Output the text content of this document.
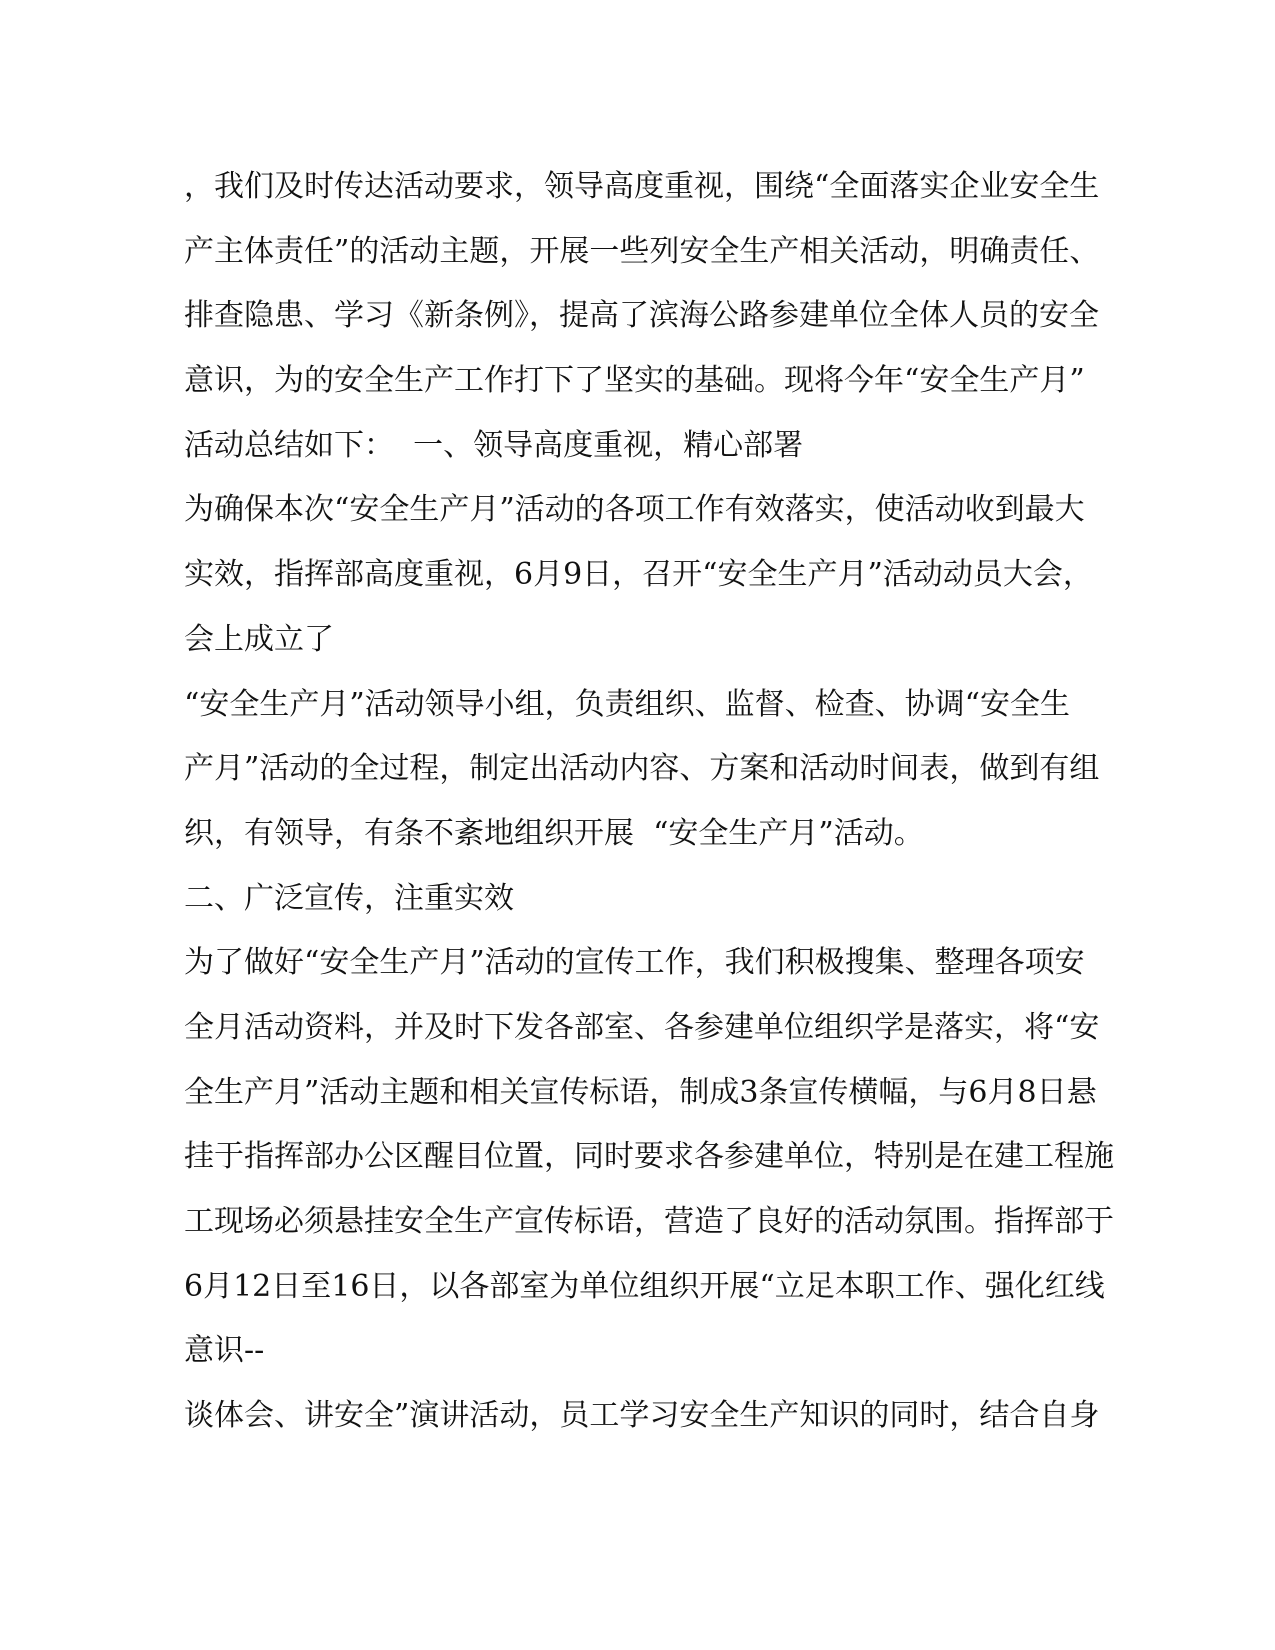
，我们及时传达活动要求，领导高度重视，围绕“全面落实企业安全生
产主体责任”的活动主题，开展一些列安全生产相关活动，明确责任、
排查隐患、学习《新条例》，提高了滨海公路参建单位全体人员的安全
意识，为的安全生产工作打下了坚实的基础。现将今年“安全生产月”
活动总结如下：  一、领导高度重视，精心部署
为确保本次“安全生产月”活动的各项工作有效落实，使活动收到最大
实效，指挥部高度重视，6月9日，召开“安全生产月”活动动员大会，
会上成立了
“安全生产月”活动领导小组，负责组织、监督、检查、协调“安全生
产月”活动的全过程，制定出活动内容、方案和活动时间表，做到有组
织，有领导，有条不紊地组织开展  “安全生产月”活动。
二、广泛宣传，注重实效
为了做好“安全生产月”活动的宣传工作，我们积极搜集、整理各项安
全月活动资料，并及时下发各部室、各参建单位组织学是落实，将“安
全生产月”活动主题和相关宣传标语，制成3条宣传横幅，与6月8日悬
挂于指挥部办公区醒目位置，同时要求各参建单位，特别是在建工程施
工现场必须悬挂安全生产宣传标语，营造了良好的活动氛围。指挥部于
6月12日至16日，以各部室为单位组织开展“立足本职工作、强化红线
意识--
谈体会、讲安全”演讲活动，员工学习安全生产知识的同时，结合自身
